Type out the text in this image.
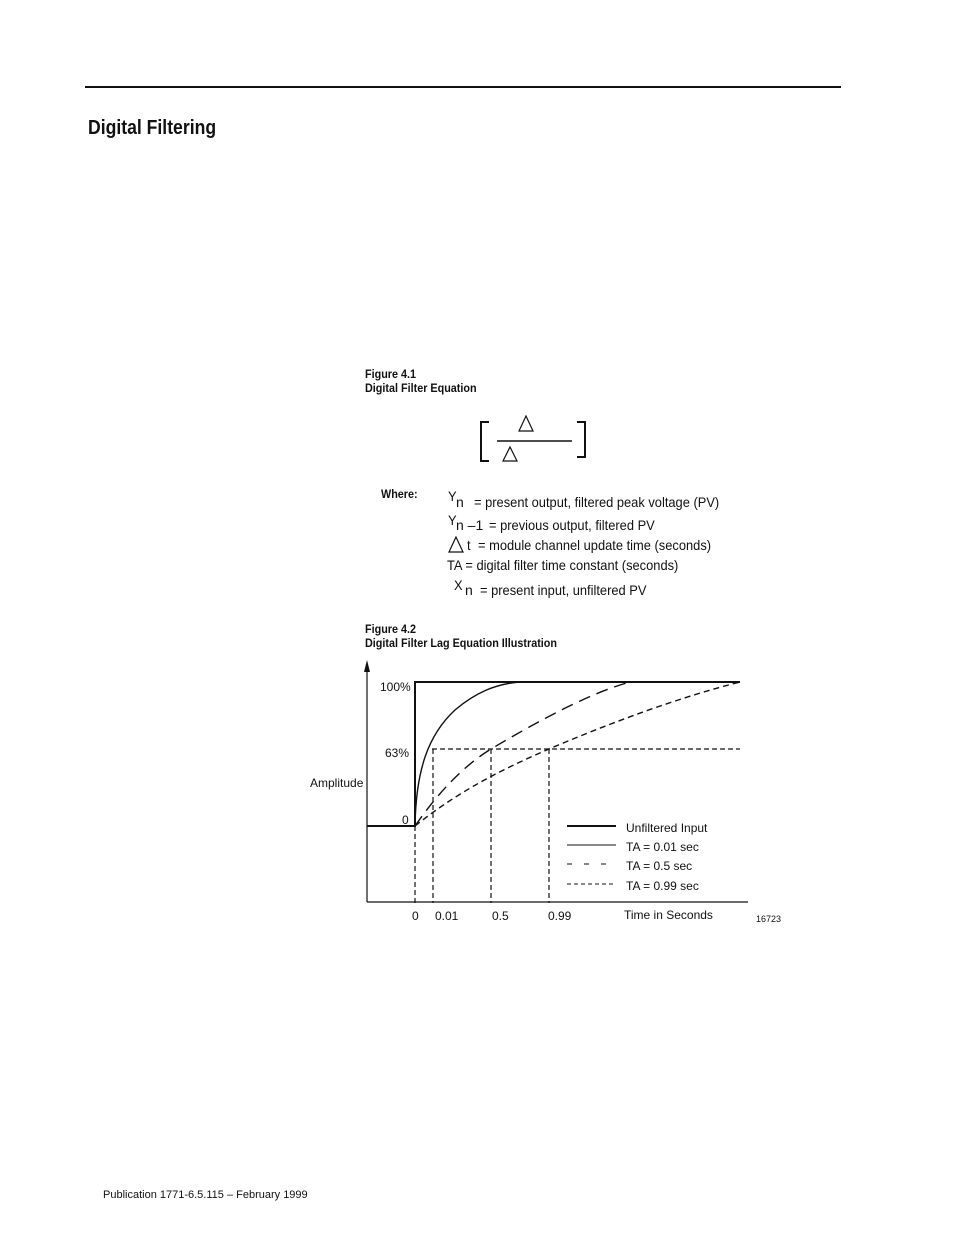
Digital Filtering
Figure 4.1
Digital Filter Equation
Where: Y n = present output, filtered peak voltage (PV)
Y n –1 = previous output, filtered PV
t = module channel update time (seconds)
TA = digital filter time constant (seconds)
X n = present input, unfiltered PV
Figure 4.2
Digital Filter Lag Equation Illustration
100%
63%
0
Amplitude
0 0.01	0.5	0.99	Time in Seconds	16723
Unfiltered Input
TA = 0.01 sec
TA = 0.5 sec
TA = 0.99 sec
Publication 1771-6.5.115 – February 1999
